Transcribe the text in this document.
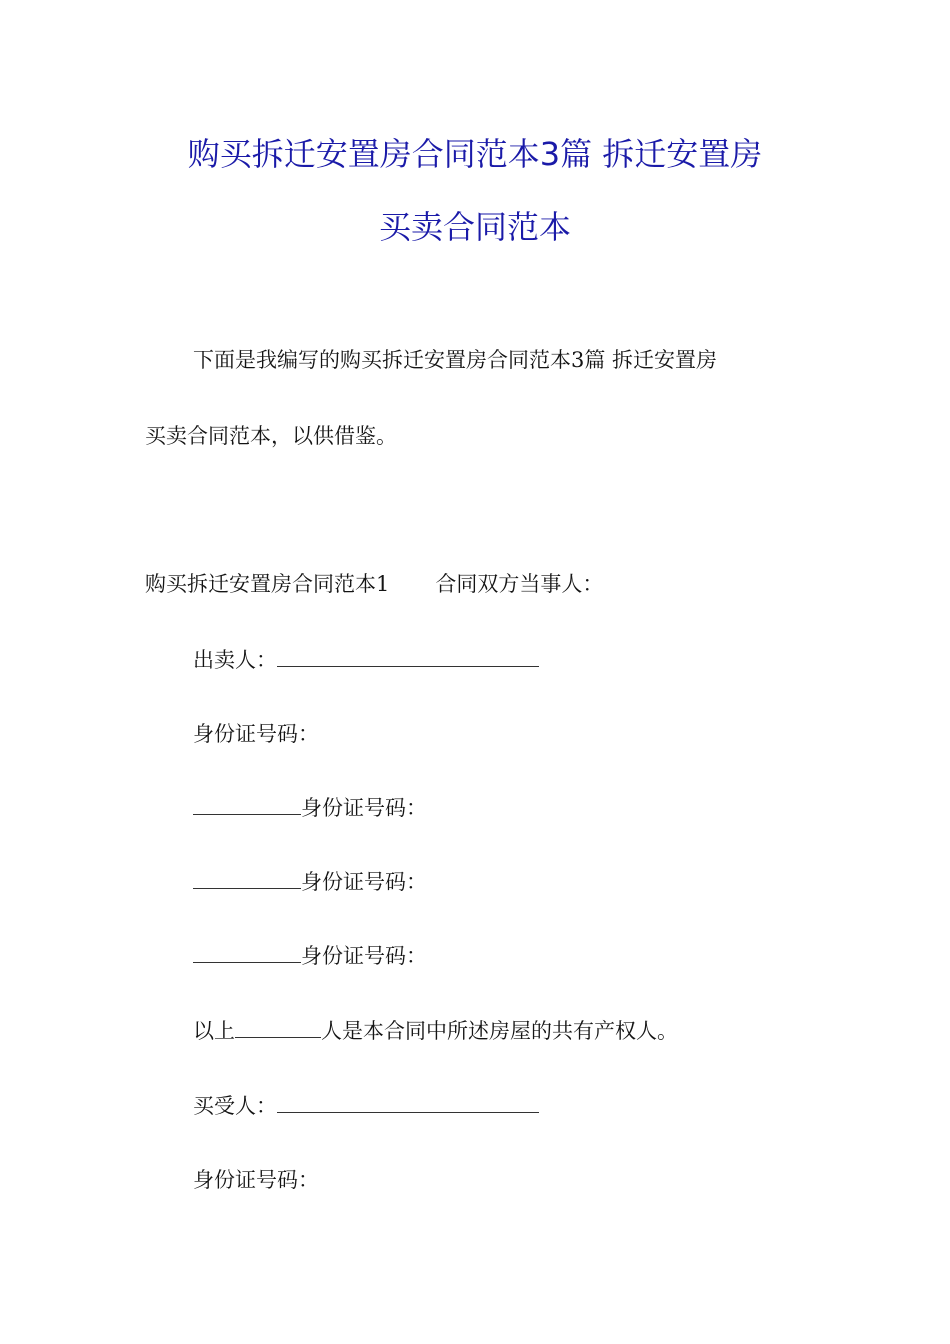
购买拆迁安置房合同范本3篇 拆迁安置房
买卖合同范本
下面是我编写的购买拆迁安置房合同范本3篇 拆迁安置房
买卖合同范本，以供借鉴。
购买拆迁安置房合同范本1 合同双方当事人：
出卖人：
身份证号码：
身份证号码：
身份证号码：
身份证号码：
以上	人是本合同中所述房屋的共有产权人。
买受人：
身份证号码：
